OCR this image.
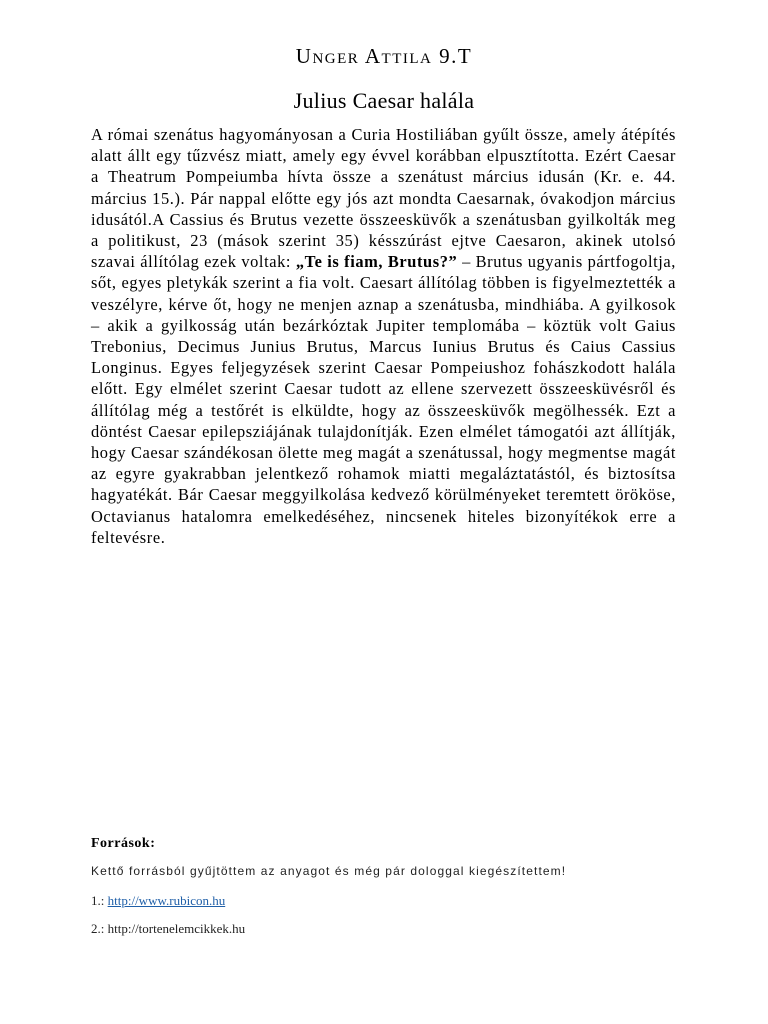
Unger Attila 9.T
Julius Caesar halála
A római szenátus hagyományosan a Curia Hostiliában gyűlt össze, amely átépítés alatt állt egy tűzvész miatt, amely egy évvel korábban elpusztította. Ezért Caesar a Theatrum Pompeiumba hívta össze a szenátust március idusán (Kr. e. 44. március 15.). Pár nappal előtte egy jós azt mondta Caesarnak, óvakodjon március idusától.A Cassius és Brutus vezette összeesküvők a szenátusban gyilkolták meg a politikust, 23 (mások szerint 35) késszúrást ejtve Caesaron, akinek utolsó szavai állítólag ezek voltak: „Te is fiam, Brutus?” – Brutus ugyanis pártfogoltja, sőt, egyes pletykák szerint a fia volt. Caesart állítólag többen is figyelmeztették a veszélyre, kérve őt, hogy ne menjen aznap a szenátusba, mindhiába. A gyilkosok – akik a gyilkosság után bezárkóztak Jupiter templomába – köztük volt Gaius Trebonius, Decimus Junius Brutus, Marcus Iunius Brutus és Caius Cassius Longinus. Egyes feljegyzések szerint Caesar Pompeiushoz fohászkodott halála előtt. Egy elmélet szerint Caesar tudott az ellene szervezett összeesküvésről és állítólag még a testőrét is elküldte, hogy az összeesküvők megölhessék. Ezt a döntést Caesar epilepsziájának tulajdonítják. Ezen elmélet támogatói azt állítják, hogy Caesar szándékosan ölette meg magát a szenátussal, hogy megmentse magát az egyre gyakrabban jelentkező rohamok miatti megaláztatástól, és biztosítsa hagyatékát. Bár Caesar meggyilkolása kedvező körülményeket teremtett örököse, Octavianus hatalomra emelkedéséhez, nincsenek hiteles bizonyítékok erre a feltevésre.
Források:
Kettő forrásból gyűjtöttem az anyagot és még pár dologgal kiegészítettem!
1.: http://www.rubicon.hu
2.: http://tortenelemcikkek.hu
